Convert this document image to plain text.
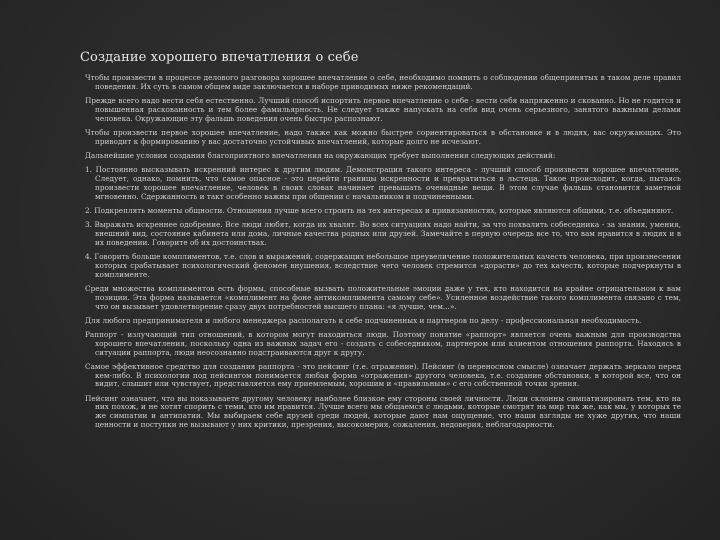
Создание хорошего впечатления о себе

Чтобы произвести в процессе делового разговора хорошее впечатление о себе, необходимо помнить о соблюдении общепринятых в таком деле правил поведения. Их суть в самом общем виде заключается в наборе приводимых ниже рекомендаций.

Прежде всего надо вести себя естественно. Лучший способ испортить первое впечатление о себе - вести себя напряженно и скованно. Но не годится и повышенная раскованность и тем более фамильярность. Не следует также напускать на себя вид очень серьезного, занятого важными делами человека. Окружающие эту фальшь поведения очень быстро распознают.

Чтобы произвести первое хорошее впечатление, надо также как можно быстрее сориентироваться в обстановке и в людях, вас окружающих. Это приводит к формированию у вас достаточно устойчивых впечатлений, которые долго не исчезают.

Дальнейшие условия создания благоприятного впечатления на окружающих требует выполнения следующих действий:

1. Постоянно высказывать искренний интерес к другим людям. Демонстрация такого интереса - лучший способ произвести хорошее впечатление. Следует, однако, помнить, что самое опасное - это перейти границы искренности и превратиться в льстеца. Такое происходит, когда, пытаясь произвести хорошее впечатление, человек в своих словах начинает превышать очевидные вещи. В этом случае фальшь становится заметной мгновенно. Сдержанность и такт особенно важны при общении с начальником и подчиненными.

2. Подкреплять моменты общности. Отношения лучше всего строить на тех интересах и привязанностях, которые являются общими, т.е. объединяют.

3. Выражать искреннее одобрение. Все люди любят, когда их хвалят. Во всех ситуациях надо найти, за что похвалить собеседника - за знания, умения, внешний вид, состояние кабинета или дома, личные качества родных или друзей. Замечайте в первую очередь все то, что вам нравится в людях и в их поведении. Говорите об их достоинствах.

4. Говорить больше комплиментов, т.е. слов и выражений, содержащих небольшое преувеличение положительных качеств человека, при произнесении которых срабатывает психологический феномен внушения, вследствие чего человек стремится «дорасти» до тех качеств, которые подчеркнуты в комплименте.

Среди множества комплиментов есть формы, способные вызвать положительные эмоции даже у тех, кто находится на крайне отрицательном к вам позиции. Эта форма называется «комплимент на фоне антикомплимента самому себе». Усиленное воздействие такого комплимента связано с тем, что он вызывает удовлетворение сразу двух потребностей высшего плана: «я лучше, чем...».

Для любого предпринимателя и любого менеджера располагать к себе подчиненных и партнеров по делу - профессиональная необходимость.

Раппорт - излучающий тип отношений, в котором могут находиться люди. Поэтому понятие «раппорт» является очень важным для производства хорошего впечатления, поскольку одна из важных задач его - создать с собеседником, партнером или клиентом отношения раппорта. Находясь в ситуации раппорта, люди неосознанно подстраиваются друг к другу.

Самое эффективное средство для создания раппорта - это пейсинг (т.е. отражение). Пейсинг (в переносном смысле) означает держать зеркало перед кем-либо. В психологии под пейсингом понимается любая форма «отражения» другого человека, т.е. создание обстановки, в которой все, что он видит, слышит или чувствует, представляется ему приемлемым, хорошим и «правильным» с его собственной точки зрения.

Пейсинг означает, что вы показываете другому человеку наиболее близкое ему стороны своей личности. Люди склонны симпатизировать тем, кто на них похож, и не хотят спорить с теми, кто им нравится. Лучше всего мы общаемся с людьми, которые смотрят на мир так же, как мы, у которых те же симпатии и антипатии. Мы выбираем себе друзей среди людей, которые дают нам ощущение, что наши взгляды не хуже других, что наши ценности и поступки не вызывают у них критики, презрения, высокомерия, сожаления, недоверия, неблагодарности.
